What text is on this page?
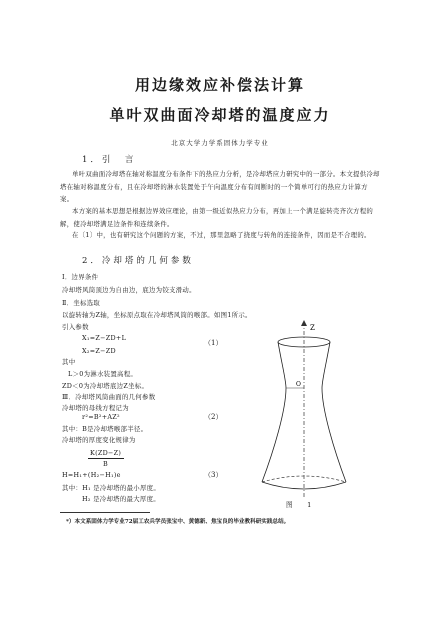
用边缘效应补偿法计算
单叶双曲面冷却塔的温度应力
北京大学力学系固体力学专业
1．引　言
单叶双曲面冷却塔在轴对称温度分布条件下的热应力分析，是冷却塔应力研究中的一部分。本文提供冷却塔在轴对称温度分布，且在冷却塔的淋水装置处于午向温度分布有间断时的一个简单可行的热应力计算方案。
本方案的基本思想是根据边界效应理论，由第一级近似热应力分布，再加上一个满足旋转壳齐次方程的解，使冷却塔满足边条件和连续条件。
在〔1〕中，也有研究这个问题的方案，不过，那里忽略了挠度与转角的连接条件，因而是不合理的。
2．冷却塔的几何参数
Ⅰ．边界条件
冷却塔风筒顶边为自由边，底边为铰支滑动。
Ⅱ．坐标选取
以旋转轴为Z轴，坐标原点取在冷却塔风筒的喉部。如图1所示。
引入参数
X₁=Z−ZD+L
X₂=Z−ZD
（1）
其中
L＞0为淋水装置高程。
ZD＜0为冷却塔底边Z坐标。
Ⅲ．冷却塔风筒曲面的几何参数
冷却塔的母线方程记为
r²=B²+AZ²	（2）
其中：B是冷却塔喉部半径。
冷却塔的厚度变化规律为
K(ZD−Z)
B
H=H₁+(H₂−H₁)e	（3）
其中：H₁ 是冷却塔的最小厚度。
H₂ 是冷却塔的最大厚度。
Z
O
图　1
*）本文系固体力学专业72届工农兵学员张宝中、黄德新、焦宝良的毕业教科研实践总结。
